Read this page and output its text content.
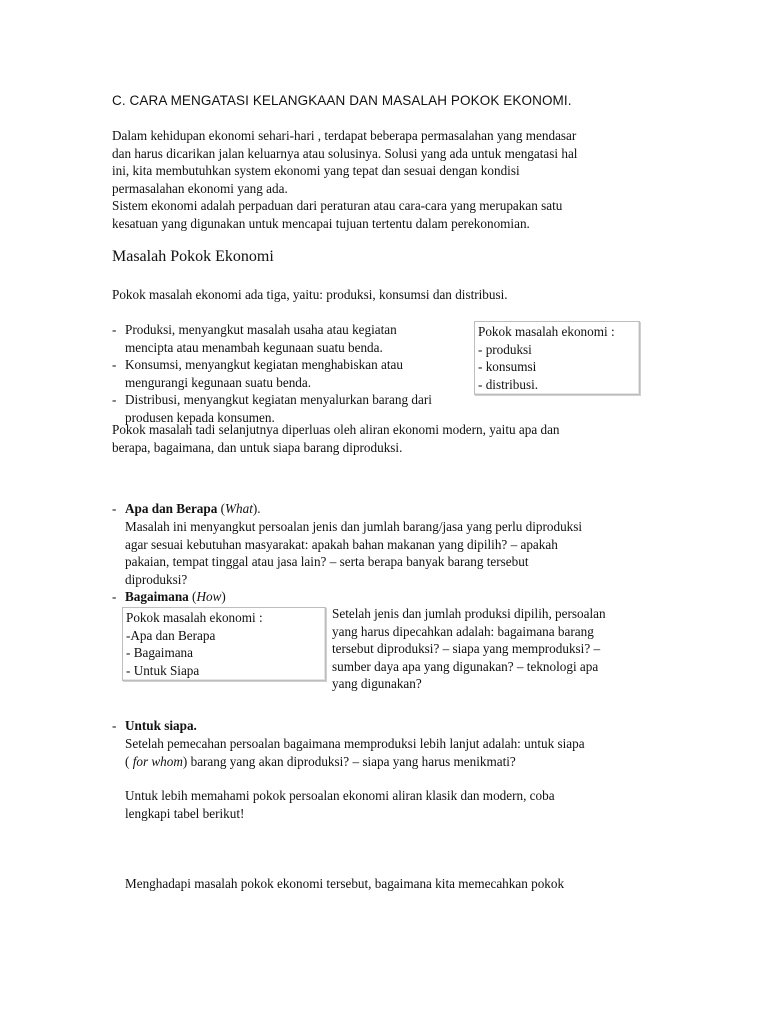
C. CARA MENGATASI KELANGKAAN DAN MASALAH POKOK EKONOMI.

Dalam kehidupan ekonomi sehari-hari , terdapat beberapa permasalahan yang mendasar

dan harus dicarikan jalan keluarnya atau solusinya. Solusi yang ada untuk mengatasi hal

ini, kita membutuhkan system ekonomi yang tepat dan sesuai dengan kondisi

permasalahan ekonomi yang ada.

Sistem ekonomi adalah perpaduan dari peraturan atau cara-cara yang merupakan satu

kesatuan yang digunakan untuk mencapai tujuan tertentu dalam perekonomian.

Masalah Pokok Ekonomi

Pokok masalah ekonomi ada tiga, yaitu: produksi, konsumsi dan distribusi.

- Produksi, menyangkut masalah usaha atau kegiatan
mencipta atau menambah kegunaan suatu benda.
- Konsumsi, menyangkut kegiatan menghabiskan atau
mengurangi kegunaan suatu benda.
- Distribusi, menyangkut kegiatan menyalurkan barang dari
produsen kepada konsumen.
Pokok masalah ekonomi :
- produksi
- konsumsi
- distribusi.

Pokok masalah tadi selanjutnya diperluas oleh aliran ekonomi modern, yaitu apa dan

berapa, bagaimana, dan untuk siapa barang diproduksi.

- Apa dan Berapa (What).

Masalah ini menyangkut persoalan jenis dan jumlah barang/jasa yang perlu diproduksi

agar sesuai kebutuhan masyarakat: apakah bahan makanan yang dipilih? – apakah

pakaian, tempat tinggal atau jasa lain? – serta berapa banyak barang tersebut

diproduksi?

- Bagaimana (How)
Pokok masalah ekonomi :
-Apa dan Berapa
- Bagaimana
- Untuk Siapa

Setelah jenis dan jumlah produksi dipilih, persoalan

yang harus dipecahkan adalah: bagaimana barang

tersebut diproduksi? – siapa yang memproduksi? –

sumber daya apa yang digunakan? – teknologi apa

yang digunakan?

- Untuk siapa.

Setelah pemecahan persoalan bagaimana memproduksi lebih lanjut adalah: untuk siapa

( for whom) barang yang akan diproduksi? – siapa yang harus menikmati?

Untuk lebih memahami pokok persoalan ekonomi aliran klasik dan modern, coba

lengkapi tabel berikut!

Menghadapi masalah pokok ekonomi tersebut, bagaimana kita memecahkan pokok
